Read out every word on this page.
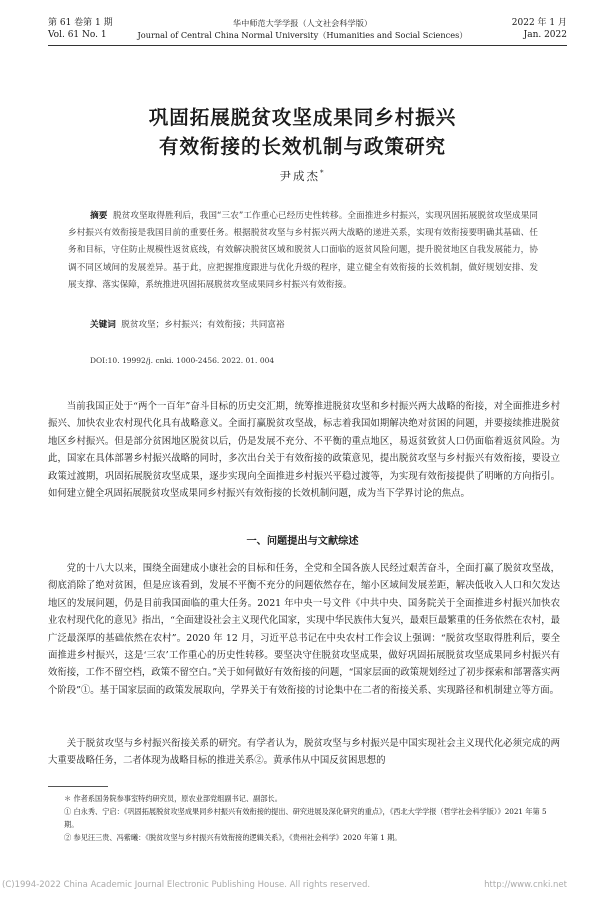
第 61 卷第 1 期
Vol. 61 No. 1
华中师范大学学报（人文社会科学版）
Journal of Central China Normal University（Humanities and Social Sciences）
2022 年 1 月
Jan. 2022
巩固拓展脱贫攻坚成果同乡村振兴
有效衔接的长效机制与政策研究
尹成杰*
摘要 脱贫攻坚取得胜利后，我国“三农”工作重心已经历史性转移。全面推进乡村振兴，实现巩固拓展脱贫攻坚成果同乡村振兴有效衔接是我国目前的重要任务。根据脱贫攻坚与乡村振兴两大战略的递进关系，实现有效衔接要明确其基础、任务和目标，守住防止规模性返贫底线，有效解决脱贫区域和脱贫人口面临的返贫风险问题，提升脱贫地区自我发展能力，协调不同区域间的发展差异。基于此，应把握推度跟进与优化升级的程序，建立健全有效衔接的长效机制，做好规划安排、发展支撑、落实保障，系统推进巩固拓展脱贫攻坚成果同乡村振兴有效衔接。
关键词 脱贫攻坚；乡村振兴；有效衔接；共同富裕
DOI:10. 19992/j. cnki. 1000-2456. 2022. 01. 004

当前我国正处于“两个一百年”奋斗目标的历史交汇期，统筹推进脱贫攻坚和乡村振兴两大战略的衔接，对全面推进乡村振兴、加快农业农村现代化具有战略意义。全面打赢脱贫攻坚战，标志着我国如期解决绝对贫困的问题，并要接续推进脱贫地区乡村振兴。但是部分贫困地区脱贫以后，仍是发展不充分、不平衡的重点地区，易返贫致贫人口仍面临着返贫风险。为此，国家在具体部署乡村振兴战略的同时，多次出台关于有效衔接的政策意见，提出脱贫攻坚与乡村振兴有效衔接，要设立政策过渡期，巩固拓展脱贫攻坚成果，逐步实现向全面推进乡村振兴平稳过渡等，为实现有效衔接提供了明晰的方向指引。如何建立健全巩固拓展脱贫攻坚成果同乡村振兴有效衔接的长效机制问题，成为当下学界讨论的焦点。

一、问题提出与文献综述

党的十八大以来，围绕全面建成小康社会的目标和任务，全党和全国各族人民经过艰苦奋斗，全面打赢了脱贫攻坚战，彻底消除了绝对贫困，但是应该看到，发展不平衡不充分的问题依然存在，缩小区域间发展差距，解决低收入人口和欠发达地区的发展问题，仍是目前我国面临的重大任务。2021 年中央一号文件《中共中央、国务院关于全面推进乡村振兴加快农业农村现代化的意见》指出，“全面建设社会主义现代化国家，实现中华民族伟大复兴，最艰巨最繁重的任务依然在农村，最广泛最深厚的基础依然在农村”。2020 年 12 月，习近平总书记在中央农村工作会议上强调：“脱贫攻坚取得胜利后，要全面推进乡村振兴，这是‘三农’工作重心的历史性转移。要坚决守住脱贫攻坚成果，做好巩固拓展脱贫攻坚成果同乡村振兴有效衔接，工作不留空档，政策不留空白。”关于如何做好有效衔接的问题，“国家层面的政策规划经过了初步探索和部署落实两个阶段”①。基于国家层面的政策发展取向，学界关于有效衔接的讨论集中在二者的衔接关系、实现路径和机制建立等方面。

关于脱贫攻坚与乡村振兴衔接关系的研究。有学者认为，脱贫攻坚与乡村振兴是中国实现社会主义现代化必须完成的两大重要战略任务，二者体现为战略目标的推进关系②。黄承伟从中国反贫困思想的

＊ 作者系国务院参事室特约研究员，原农业部党组副书记、副部长。
① 白永秀、宁启：《巩固拓展脱贫攻坚成果同乡村振兴有效衔接的提出、研究进展及深化研究的重点》，《西北大学学报（哲学社会科学版）》2021 年第 5 期。
② 参见汪三贵、冯紫曦：《脱贫攻坚与乡村振兴有效衔接的逻辑关系》，《贵州社会科学》2020 年第 1 期。
(C)1994-2022 China Academic Journal Electronic Publishing House. All rights reserved.	http://www.cnki.net
